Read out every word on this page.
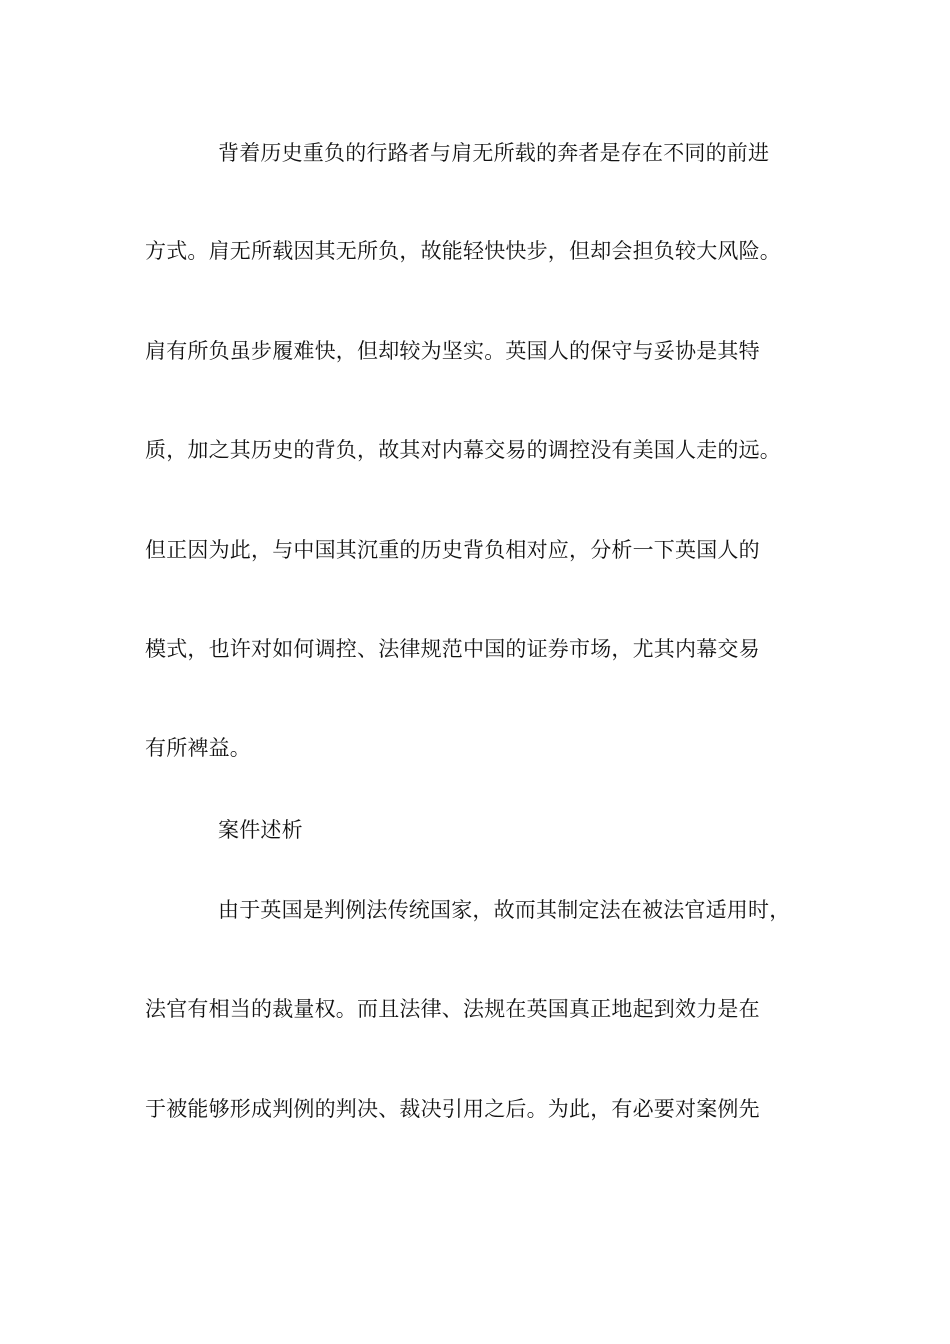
背着历史重负的行路者与肩无所载的奔者是存在不同的前进
方式。肩无所载因其无所负，故能轻快快步，但却会担负较大风险。
肩有所负虽步履难快，但却较为坚实。英国人的保守与妥协是其特
质，加之其历史的背负，故其对内幕交易的调控没有美国人走的远。
但正因为此，与中国其沉重的历史背负相对应，分析一下英国人的
模式，也许对如何调控、法律规范中国的证券市场，尤其内幕交易
有所裨益。
案件述析
由于英国是判例法传统国家，故而其制定法在被法官适用时，
法官有相当的裁量权。而且法律、法规在英国真正地起到效力是在
于被能够形成判例的判决、裁决引用之后。为此，有必要对案例先
